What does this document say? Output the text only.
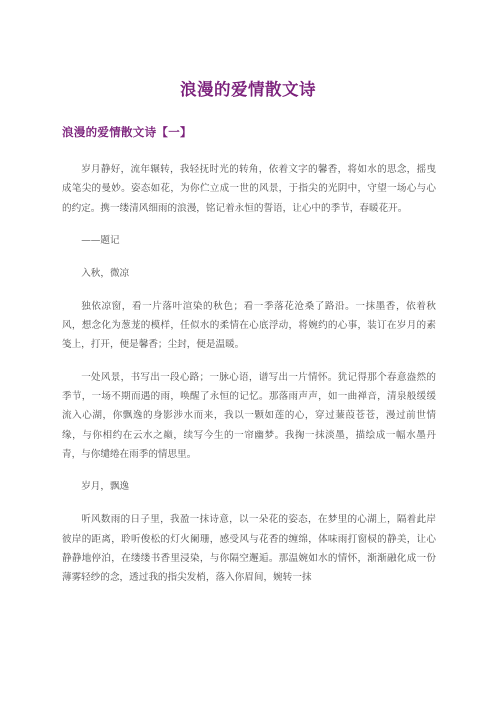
浪漫的爱情散文诗
浪漫的爱情散文诗【一】

岁月静好，流年辗转，我轻抚时光的转角，依着文字的馨香，将如水的思念，摇曳成笔尖的曼妙。姿态如花，为你伫立成一世的风景，于指尖的光阴中，守望一场心与心的约定。携一缕清风细雨的浪漫，铭记着永恒的誓语，让心中的季节，春暖花开。

——题记

入秋，微凉

独依凉窗，看一片落叶渲染的秋色；看一季落花沧桑了路沿。一抹墨香，依着秋风，想念化为葱茏的模样，任似水的柔情在心底浮动，将婉约的心事，装订在岁月的素笺上，打开，便是馨香；尘封，便是温暖。

一处风景，书写出一段心路；一脉心语，谱写出一片情怀。犹记得那个春意盎然的季节，一场不期而遇的雨，唤醒了永恒的记忆。那落雨声声，如一曲禅音，清泉般缓缓流入心湖，你飘逸的身影涉水而来，我以一颗如莲的心，穿过蒹葭苍苍，漫过前世情缘，与你相约在云水之巅，续写今生的一帘幽梦。我掬一抹淡墨，描绘成一幅水墨丹青，与你缱绻在雨季的情思里。

岁月，飘逸

听风数雨的日子里，我盈一抹诗意，以一朵花的姿态，在梦里的心湖上，隔着此岸彼岸的距离，聆听俊松的灯火阑珊，感受风与花香的缠绵，体味雨打窗棂的静美，让心静静地停泊，在缕缕书香里浸染，与你隔空邂逅。那温婉如水的情怀，渐渐融化成一份薄雾轻纱的念，透过我的指尖发梢，落入你眉间，婉转一抹
